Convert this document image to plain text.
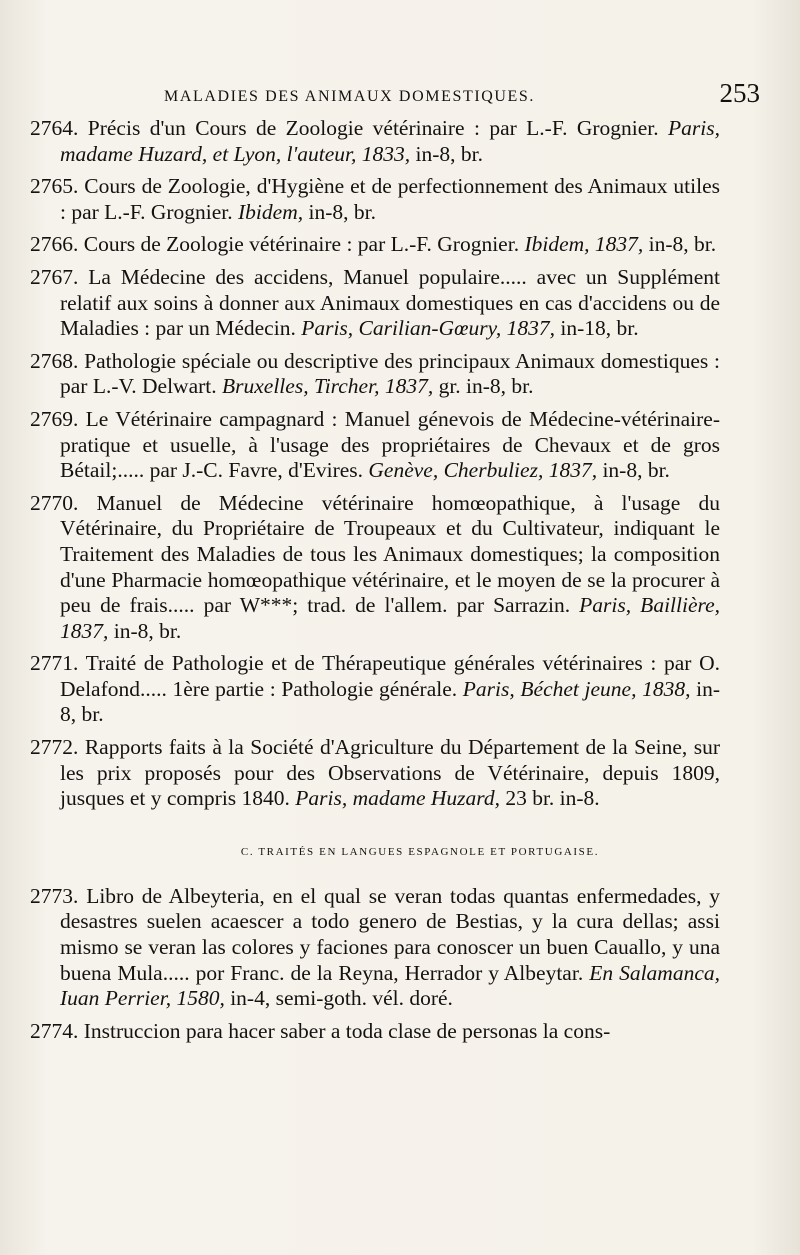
MALADIES DES ANIMAUX DOMESTIQUES.	253

2764. Précis d'un Cours de Zoologie vétérinaire : par L.-F. Grognier. Paris, madame Huzard, et Lyon, l'auteur, 1833, in-8, br.

2765. Cours de Zoologie, d'Hygiène et de perfectionnement des Animaux utiles : par L.-F. Grognier. Ibidem, in-8, br.

2766. Cours de Zoologie vétérinaire : par L.-F. Grognier. Ibidem, 1837, in-8, br.

2767. La Médecine des accidens, Manuel populaire..... avec un Supplément relatif aux soins à donner aux Animaux domestiques en cas d'accidens ou de Maladies : par un Médecin. Paris, Carilian-Gœury, 1837, in-18, br.

2768. Pathologie spéciale ou descriptive des principaux Animaux domestiques : par L.-V. Delwart. Bruxelles, Tircher, 1837, gr. in-8, br.

2769. Le Vétérinaire campagnard : Manuel génevois de Médecine-vétérinaire-pratique et usuelle, à l'usage des propriétaires de Chevaux et de gros Bétail;..... par J.-C. Favre, d'Evires. Genève, Cherbuliez, 1837, in-8, br.

2770. Manuel de Médecine vétérinaire homœopathique, à l'usage du Vétérinaire, du Propriétaire de Troupeaux et du Cultivateur, indiquant le Traitement des Maladies de tous les Animaux domestiques; la composition d'une Pharmacie homœopathique vétérinaire, et le moyen de se la procurer à peu de frais..... par W***; trad. de l'allem. par Sarrazin. Paris, Baillière, 1837, in-8, br.

2771. Traité de Pathologie et de Thérapeutique générales vétérinaires : par O. Delafond..... 1ère partie : Pathologie générale. Paris, Béchet jeune, 1838, in-8, br.

2772. Rapports faits à la Société d'Agriculture du Département de la Seine, sur les prix proposés pour des Observations de Vétérinaire, depuis 1809, jusques et y compris 1840. Paris, madame Huzard, 23 br. in-8.

C. TRAITÉS EN LANGUES ESPAGNOLE ET PORTUGAISE.

2773. Libro de Albeyteria, en el qual se veran todas quantas enfermedades, y desastres suelen acaescer a todo genero de Bestias, y la cura dellas; assi mismo se veran las colores y faciones para conoscer un buen Cauallo, y una buena Mula..... por Franc. de la Reyna, Herrador y Albeytar. En Salamanca, Iuan Perrier, 1580, in-4, semi-goth. vél. doré.

2774. Instruccion para hacer saber a toda clase de personas la cons-
